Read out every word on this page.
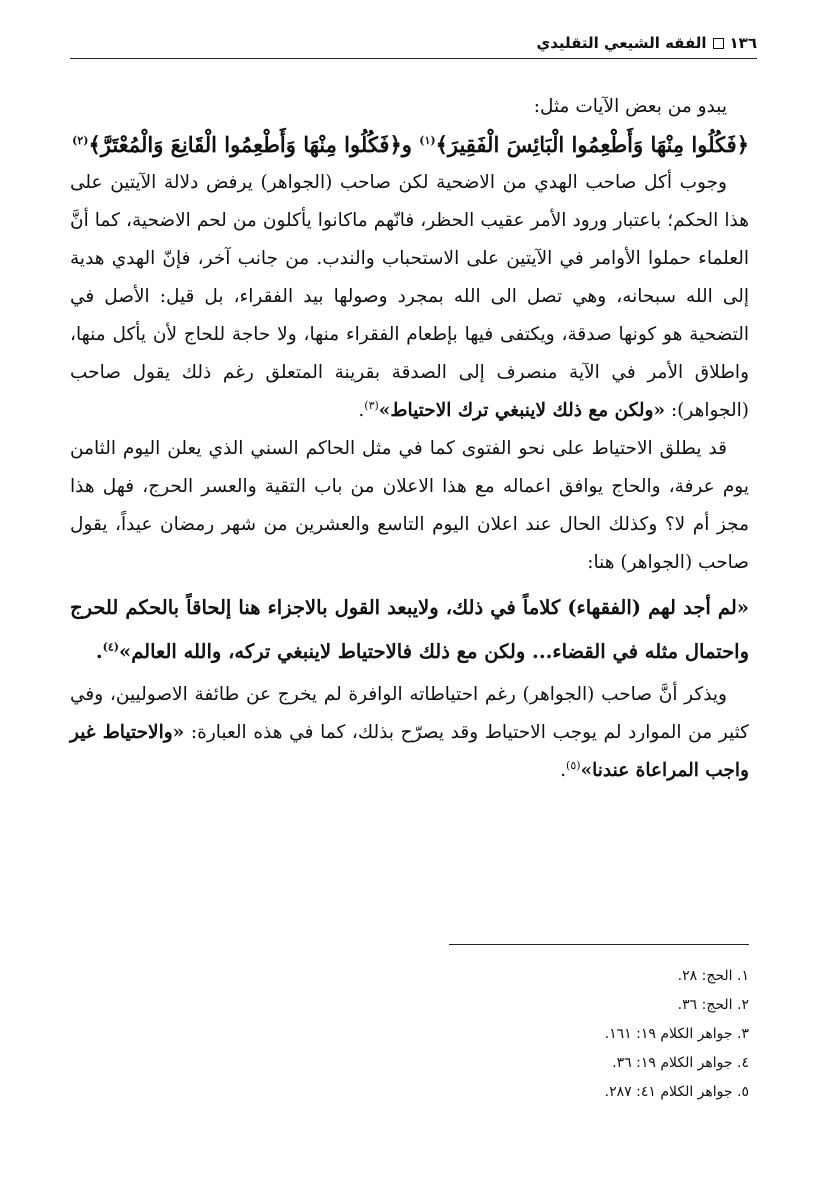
١٣٦الفقه الشيعي التقليدي

يبدو من بعض الآيات مثل:

﴿فَكُلُوا مِنْهَا وَأَطْعِمُوا الْبَائِسَ الْفَقِيرَ﴾$^{(١)}$ و﴿فَكُلُوا مِنْهَا وَأَطْعِمُوا الْقَانِعَ وَالْمُعْتَرَّ﴾$^{(٢)}$

وجوب أكل صاحب الهدي من الاضحية لكن صاحب (الجواهر) يرفض دلالة الآيتين على هذا الحكم؛ باعتبار ورود الأمر عقيب الحظر، فانّهم ماكانوا يأكلون من لحم الاضحية، كما أنَّ العلماء حملوا الأوامر في الآيتين على الاستحباب والندب. من جانب آخر، فإنّ الهدي هدية إلى الله سبحانه، وهي تصل الى الله بمجرد وصولها بيد الفقراء، بل قيل: الأصل في التضحية هو كونها صدقة، ويكتفى فيها بإطعام الفقراء منها، ولا حاجة للحاج لأن يأكل منها، واطلاق الأمر في الآية منصرف إلى الصدقة بقرينة المتعلق رغم ذلك يقول صاحب (الجواهر): «ولكن مع ذلك لاينبغي ترك الاحتياط»$^{(٣)}$.

قد يطلق الاحتياط على نحو الفتوى كما في مثل الحاكم السني الذي يعلن اليوم الثامن يوم عرفة، والحاج يوافق اعماله مع هذا الاعلان من باب التقية والعسر الحرج، فهل هذا مجز أم لا؟ وكذلك الحال عند اعلان اليوم التاسع والعشرين من شهر رمضان عيداً، يقول صاحب (الجواهر) هنا:

«لم أجد لهم (الفقهاء) كلاماً في ذلك، ولايبعد القول بالاجزاء هنا إلحاقاً بالحكم للحرج واحتمال مثله في القضاء... ولكن مع ذلك فالاحتياط لاينبغي تركه، والله العالم»$^{(٤)}$.

ويذكر أنَّ صاحب (الجواهر) رغم احتياطاته الوافرة لم يخرج عن طائفة الاصوليين، وفي كثير من الموارد لم يوجب الاحتياط وقد يصرّح بذلك، كما في هذه العبارة: «والاحتياط غير واجب المراعاة عندنا»$^{(٥)}$.

١. الحج: ٢٨.
٢. الحج: ٣٦.
٣. جواهر الكلام ١٩: ١٦١.
٤. جواهر الكلام ١٩: ٣٦.
٥. جواهر الكلام ٤١: ٢٨٧.
